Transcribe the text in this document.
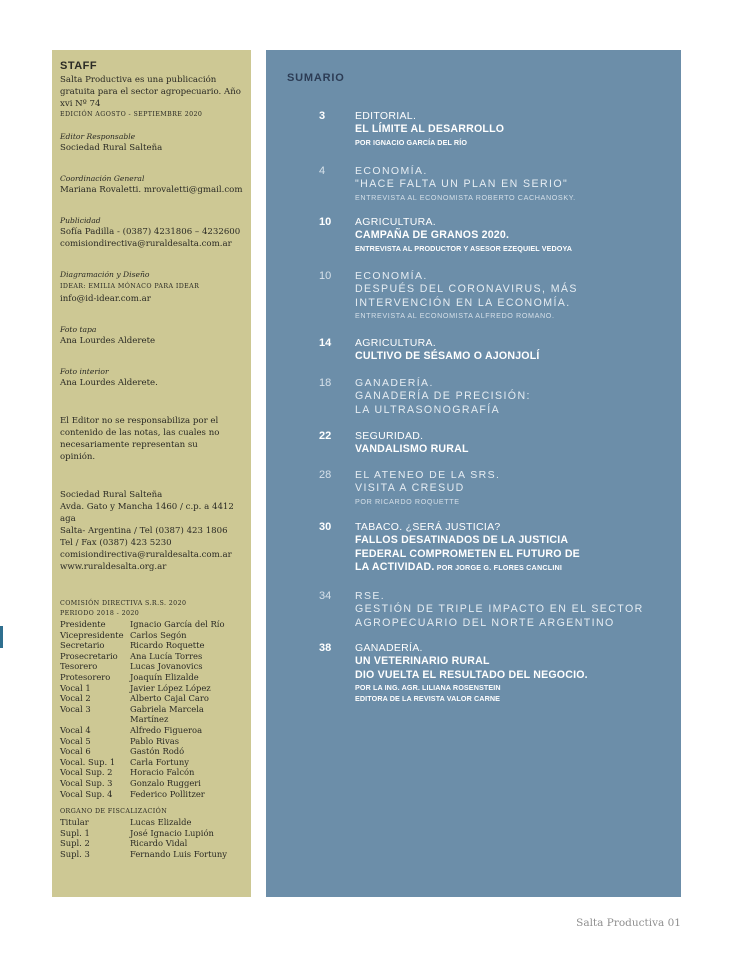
STAFF

Salta Productiva es una publicación gratuita para el sector agropecuario. Año xvi Nº 74

EDICIÓN AGOSTO - SEPTIEMBRE 2020

Editor Responsable

Sociedad Rural Salteña

Coordinación General

Mariana Rovaletti. mrovaletti@gmail.com

Publicidad

Sofía Padilla - (0387) 4231806 – 4232600

comisiondirectiva@ruraldesalta.com.ar

Diagramación y Diseño

IDEAR: EMILIA MÓNACO PARA IDEAR

info@id-idear.com.ar

Foto tapa

Ana Lourdes Alderete

Foto interior

Ana Lourdes Alderete.

El Editor no se responsabiliza por el contenido de las notas, las cuales no necesariamente representan su opinión.

Sociedad Rural Salteña

Avda. Gato y Mancha 1460 / c.p. a 4412 aga

Salta- Argentina / Tel (0387) 423 1806

Tel / Fax (0387) 423 5230

comisiondirectiva@ruraldesalta.com.ar

www.ruraldesalta.org.ar

COMISIÓN DIRECTIVA S.R.S. 2020

PERIODO 2018 - 2020

Presidente	Ignacio García del Río
Vicepresidente Carlos Segón
Secretario	Ricardo Roquette
Prosecretario	Ana Lucía Torres
Tesorero	Lucas Jovanovics
Protesorero	Joaquín Elizalde
Vocal 1	Javier López López
Vocal 2	Alberto Cajal Caro
Vocal 3	Gabriela Marcela Martínez
Vocal 4	Alfredo Figueroa
Vocal 5	Pablo Rivas
Vocal 6	Gastón Rodó
Vocal. Sup. 1	Carla Fortuny
Vocal Sup. 2	Horacio Falcón
Vocal Sup. 3	Gonzalo Ruggeri
Vocal Sup. 4	Federico Pollitzer

ORGANO DE FISCALIZACIÓN

Titular	Lucas Elizalde
Supl. 1	José Ignacio Lupión
Supl. 2	Ricardo Vidal
Supl. 3	Fernando Luis Fortuny
SUMARIO
3	EDITORIAL.
EL LÍMITE AL DESARROLLO
POR IGNACIO GARCÍA DEL RÍO
4	ECONOMÍA.
"HACE FALTA UN PLAN EN SERIO"
ENTREVISTA AL ECONOMISTA ROBERTO CACHANOSKY.
10	AGRICULTURA.
CAMPAÑA DE GRANOS 2020.
ENTREVISTA AL PRODUCTOR Y ASESOR EZEQUIEL VEDOYA
10	ECONOMÍA.
DESPUÉS DEL CORONAVIRUS, MÁS
INTERVENCIÓN EN LA ECONOMÍA.
ENTREVISTA AL ECONOMISTA ALFREDO ROMANO.
14	AGRICULTURA.
CULTIVO DE SÉSAMO O AJONJOLÍ
18	GANADERÍA.
GANADERÍA DE PRECISIÓN:
LA ULTRASONOGRAFÍA
22	SEGURIDAD.
VANDALISMO RURAL
28	EL ATENEO DE LA SRS.
VISITA A CRESUD
POR RICARDO ROQUETTE
30	TABACO. ¿SERÁ JUSTICIA?
FALLOS DESATINADOS DE LA JUSTICIA
FEDERAL COMPROMETEN EL FUTURO DE
LA ACTIVIDAD. POR JORGE G. FLORES CANCLINI
34	RSE.
GESTIÓN DE TRIPLE IMPACTO EN EL SECTOR
AGROPECUARIO DEL NORTE ARGENTINO
38	GANADERÍA.
UN VETERINARIO RURAL
DIO VUELTA EL RESULTADO DEL NEGOCIO.
POR LA ING. AGR. LILIANA ROSENSTEIN
EDITORA DE LA REVISTA VALOR CARNE
Salta Productiva 01
